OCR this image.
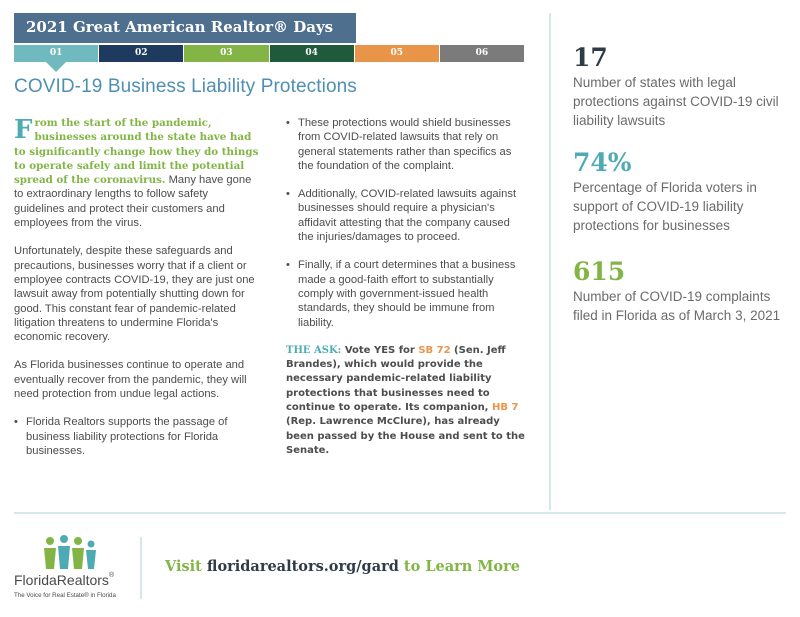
2021 Great American Realtor® Days
01	02	03	04	05	06
COVID-19 Business Liability Protections
From the start of the pandemic, businesses around the state have had to significantly change how they do things to operate safely and limit the potential spread of the coronavirus. Many have gone to extraordinary lengths to follow safety guidelines and protect their customers and employees from the virus.
Unfortunately, despite these safeguards and precautions, businesses worry that if a client or employee contracts COVID-19, they are just one lawsuit away from potentially shutting down for good. This constant fear of pandemic-related litigation threatens to undermine Florida's economic recovery.
As Florida businesses continue to operate and eventually recover from the pandemic, they will need protection from undue legal actions.
• Florida Realtors supports the passage of business liability protections for Florida businesses.
• These protections would shield businesses from COVID-related lawsuits that rely on general statements rather than specifics as the foundation of the complaint.
• Additionally, COVID-related lawsuits against businesses should require a physician's affidavit attesting that the company caused the injuries/damages to proceed.
• Finally, if a court determines that a business made a good-faith effort to substantially comply with government-issued health standards, they should be immune from liability.
THE ASK: Vote YES for SB 72 (Sen. Jeff Brandes), which would provide the necessary pandemic-related liability protections that businesses need to continue to operate. Its companion, HB 7 (Rep. Lawrence McClure), has already been passed by the House and sent to the Senate.
17
Number of states with legal protections against COVID-19 civil liability lawsuits
74%
Percentage of Florida voters in support of COVID-19 liability protections for businesses
615
Number of COVID-19 complaints filed in Florida as of March 3, 2021
FloridaRealtors®
The Voice for Real Estate® in Florida
Visit floridarealtors.org/gard to Learn More
